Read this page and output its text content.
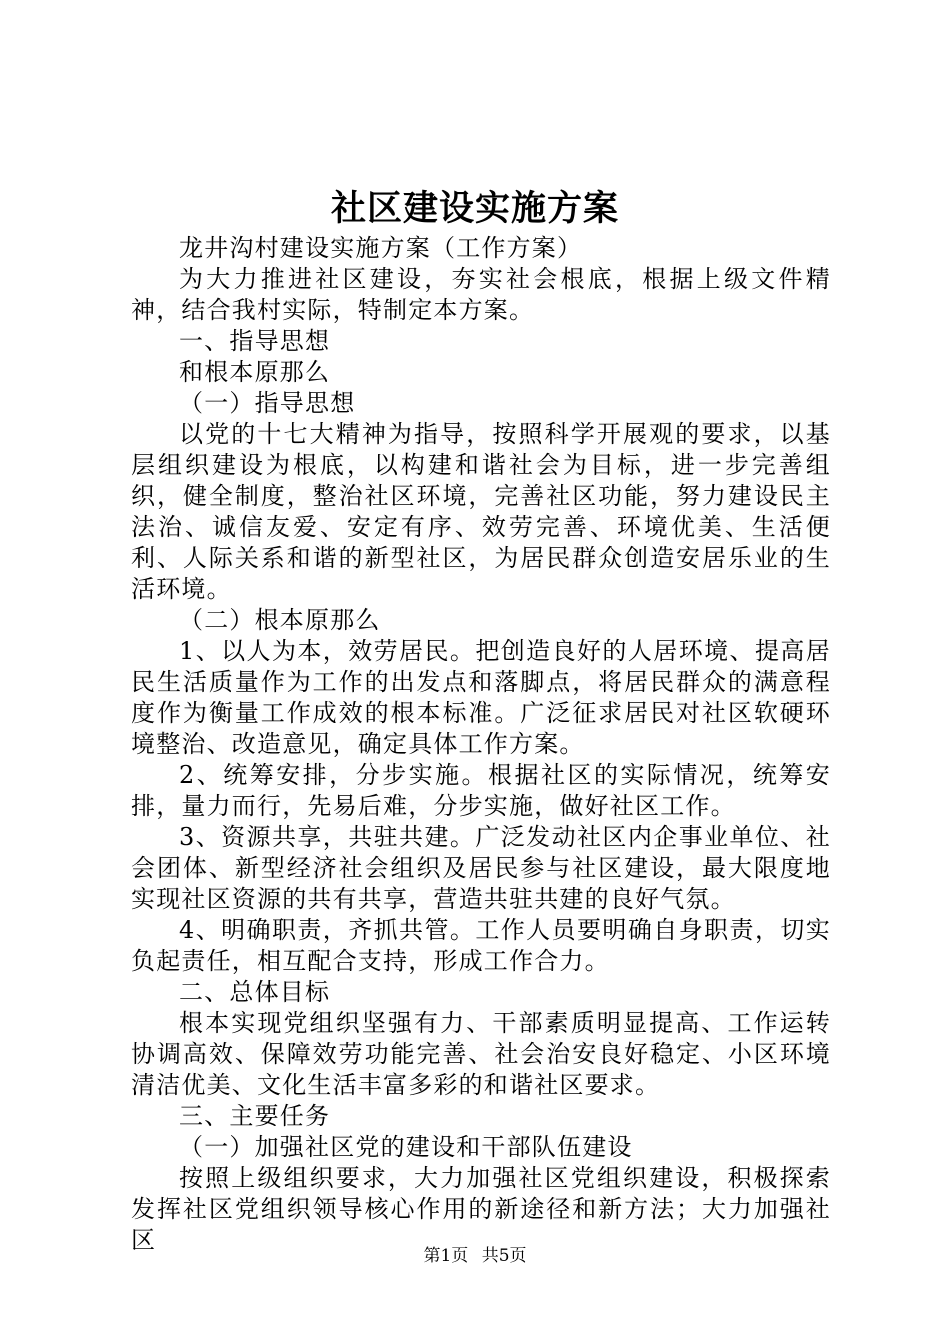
社区建设实施方案

龙井沟村建设实施方案（工作方案）

为大力推进社区建设，夯实社会根底，根据上级文件精神，结合我村实际，特制定本方案。

一、指导思想

和根本原那么

（一）指导思想

以党的十七大精神为指导，按照科学开展观的要求，以基层组织建设为根底，以构建和谐社会为目标，进一步完善组织，健全制度，整治社区环境，完善社区功能，努力建设民主法治、诚信友爱、安定有序、效劳完善、环境优美、生活便利、人际关系和谐的新型社区，为居民群众创造安居乐业的生活环境。

（二）根本原那么

1、以人为本，效劳居民。把创造良好的人居环境、提高居民生活质量作为工作的出发点和落脚点，将居民群众的满意程度作为衡量工作成效的根本标准。广泛征求居民对社区软硬环境整治、改造意见，确定具体工作方案。

2、统筹安排，分步实施。根据社区的实际情况，统筹安排，量力而行，先易后难，分步实施，做好社区工作。

3、资源共享，共驻共建。广泛发动社区内企事业单位、社会团体、新型经济社会组织及居民参与社区建设，最大限度地实现社区资源的共有共享，营造共驻共建的良好气氛。

4、明确职责，齐抓共管。工作人员要明确自身职责，切实负起责任，相互配合支持，形成工作合力。

二、总体目标

根本实现党组织坚强有力、干部素质明显提高、工作运转协调高效、保障效劳功能完善、社会治安良好稳定、小区环境清洁优美、文化生活丰富多彩的和谐社区要求。

三、主要任务

（一）加强社区党的建设和干部队伍建设

按照上级组织要求，大力加强社区党组织建设，积极探索发挥社区党组织领导核心作用的新途径和新方法；大力加强社区

第1页 共5页
